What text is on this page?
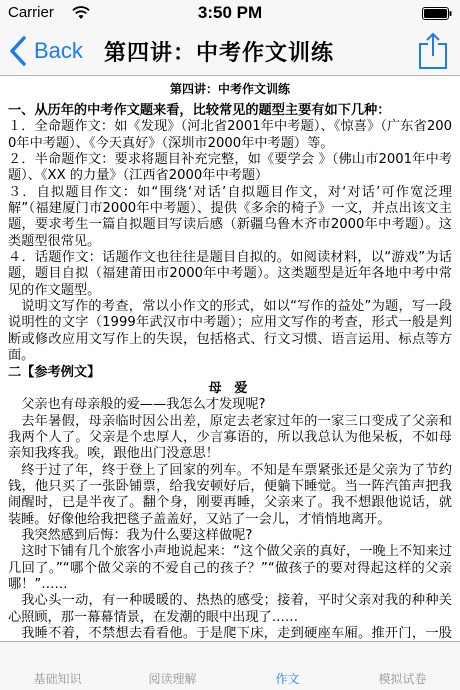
Carrier	3:50 PM
Back 第四讲：中考作文训练
第四讲：中考作文训练

一、从历年的中考作文题来看，比较常见的题型主要有如下几种：

１．全命题作文：如《发现》（河北省2001年中考题）、《惊喜》（广东省2000年中考题）、《今天真好》（深圳市2000年中考题）等。

２．半命题作文：要求将题目补充完整，如《要学会 》（佛山市2001年中考题）、《XX 的力量》（江西省2000年中考题）

３．自拟题目作文：如“围绕‘对话’自拟题目作文，对‘对话’可作宽泛理解”（福建厦门市2000年中考题）、提供《多余的椅子》一文，并点出该文主题，要求考生一篇自拟题目写读后感（新疆乌鲁木齐市2000年中考题）。这类题型很常见。

４．话题作文：话题作文也往往是题目自拟的。如阅读材料，以“游戏”为话题，题目自拟（福建莆田市2000年中考题）。这类题型是近年各地中考中常见的作文题型。

说明文写作的考查，常以小作文的形式，如以“写作的益处”为题，写一段说明性的文字（1999年武汉市中考题）；应用文写作的考查，形式一般是判断或修改应用文写作上的失误，包括格式、行文习惯、语言运用、标点等方面。

二【参考例文】

母 爱

父亲也有母亲般的爱——我怎么才发现呢?

去年暑假，母亲临时因公出差，原定去老家过年的一家三口变成了父亲和我两个人了。父亲是个忠厚人，少言寡语的，所以我总认为他呆板，不如母亲知我疼我。唉，跟他出门没意思！

终于过了年，终于登上了回家的列车。不知是车票紧张还是父亲为了节约钱，他只买了一张卧铺票，给我安顿好后，便躺下睡觉。当一阵汽笛声把我闹醒时，已是半夜了。翻个身，刚要再睡，父亲来了。我不想跟他说话，就装睡。好像他给我把毯子盖盖好，又站了一会儿，才悄悄地离开。

我突然感到后悔：我为什么要这样做呢?

这时下铺有几个旅客小声地说起来：“这个做父亲的真好，一晚上不知来过几回了。”“哪个做父亲的不爱自己的孩子？”“做孩子的要对得起这样的父亲哪！”……

我心头一动，有一种暖暖的、热热的感受；接着，平时父亲对我的种种关心照顾，那一幕幕情景，在发潮的眼中出现了……

我睡不着，不禁想去看看他。于是爬下床，走到硬座车厢。推开门，一股

基础知识	阅读理解	作文	模拟试卷
